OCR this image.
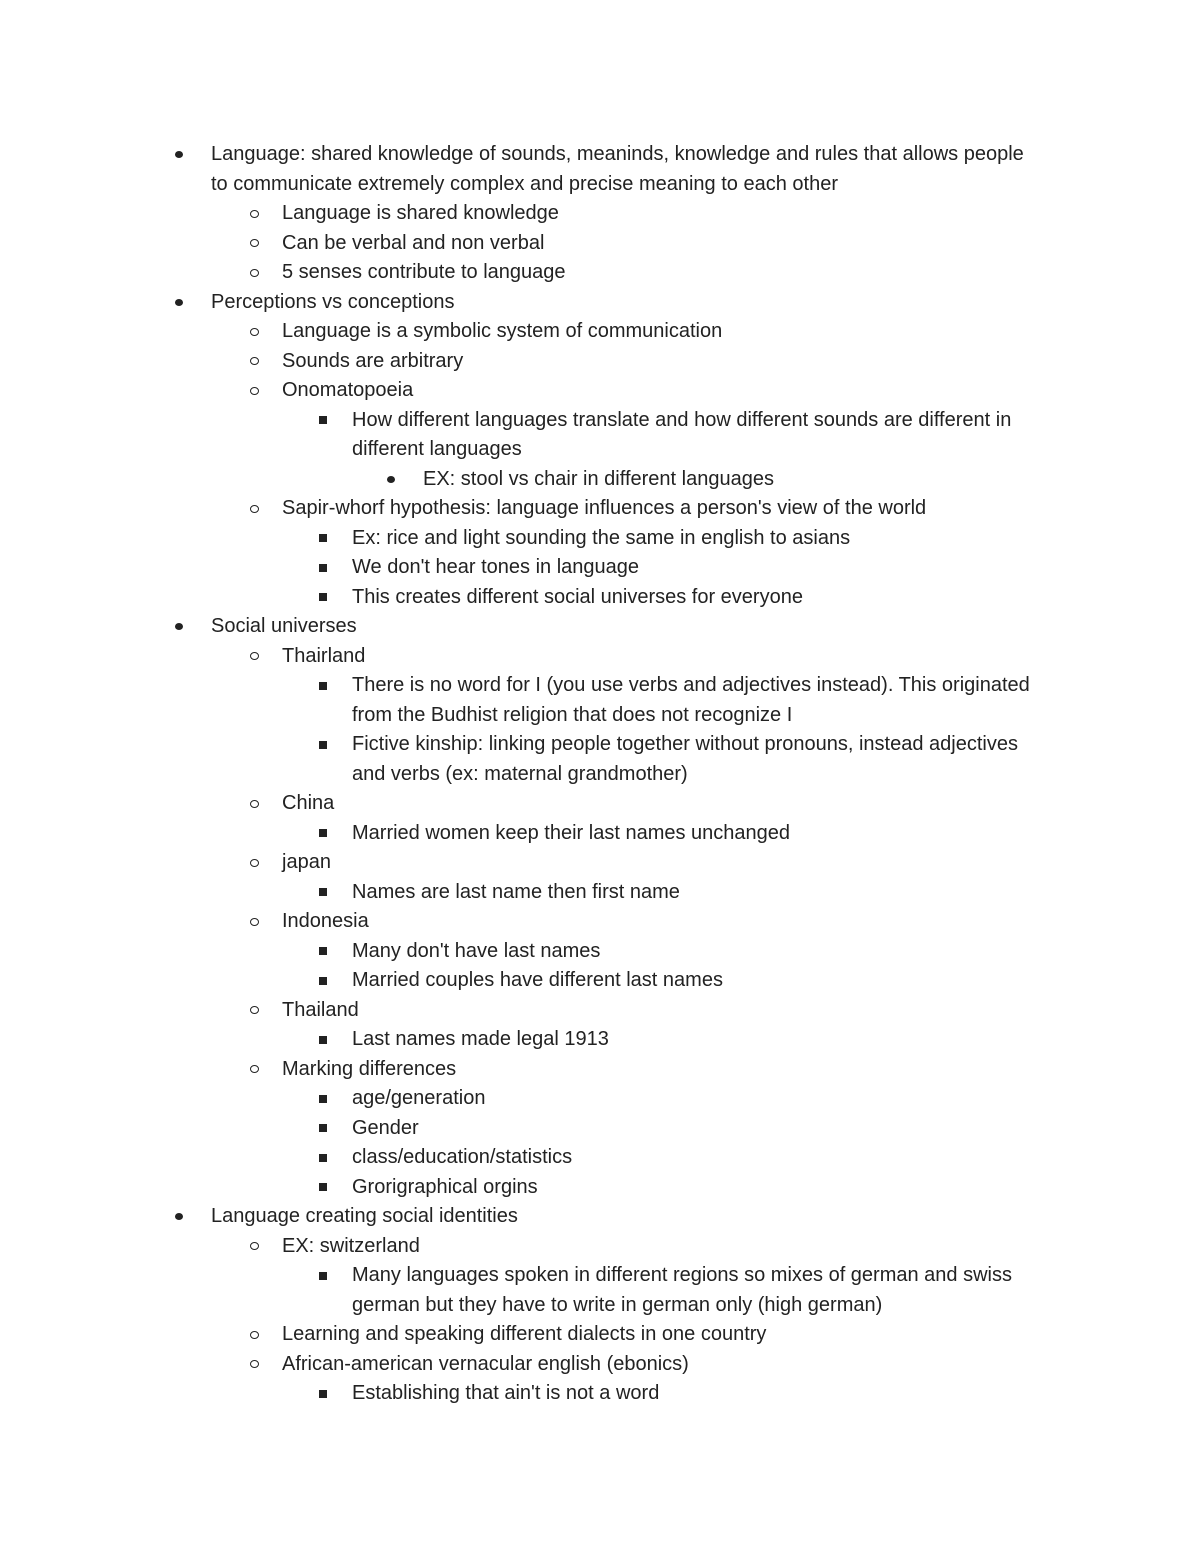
Language: shared knowledge of sounds, meaninds, knowledge and rules that allows people to communicate extremely complex and precise meaning to each other
Language is shared knowledge
Can be verbal and non verbal
5 senses contribute to language
Perceptions vs conceptions
Language is a symbolic system of communication
Sounds are arbitrary
Onomatopoeia
How different languages translate and how different sounds are different in different languages
EX: stool vs chair in different languages
Sapir-whorf hypothesis: language influences a person's view of the world
Ex: rice and light sounding the same in english to asians
We don't hear tones in language
This creates different social universes for everyone
Social universes
Thairland
There is no word for I (you use verbs and adjectives instead). This originated from the Budhist religion that does not recognize I
Fictive kinship: linking people together without pronouns, instead adjectives and verbs (ex: maternal grandmother)
China
Married women keep their last names unchanged
japan
Names are last name then first name
Indonesia
Many don't have last names
Married couples have different last names
Thailand
Last names made legal 1913
Marking differences
age/generation
Gender
class/education/statistics
Grorigraphical orgins
Language creating social identities
EX: switzerland
Many languages spoken in different regions so mixes of german and swiss german but they have to write in german only (high german)
Learning and speaking different dialects in one country
African-american vernacular english (ebonics)
Establishing that ain't is not a word
